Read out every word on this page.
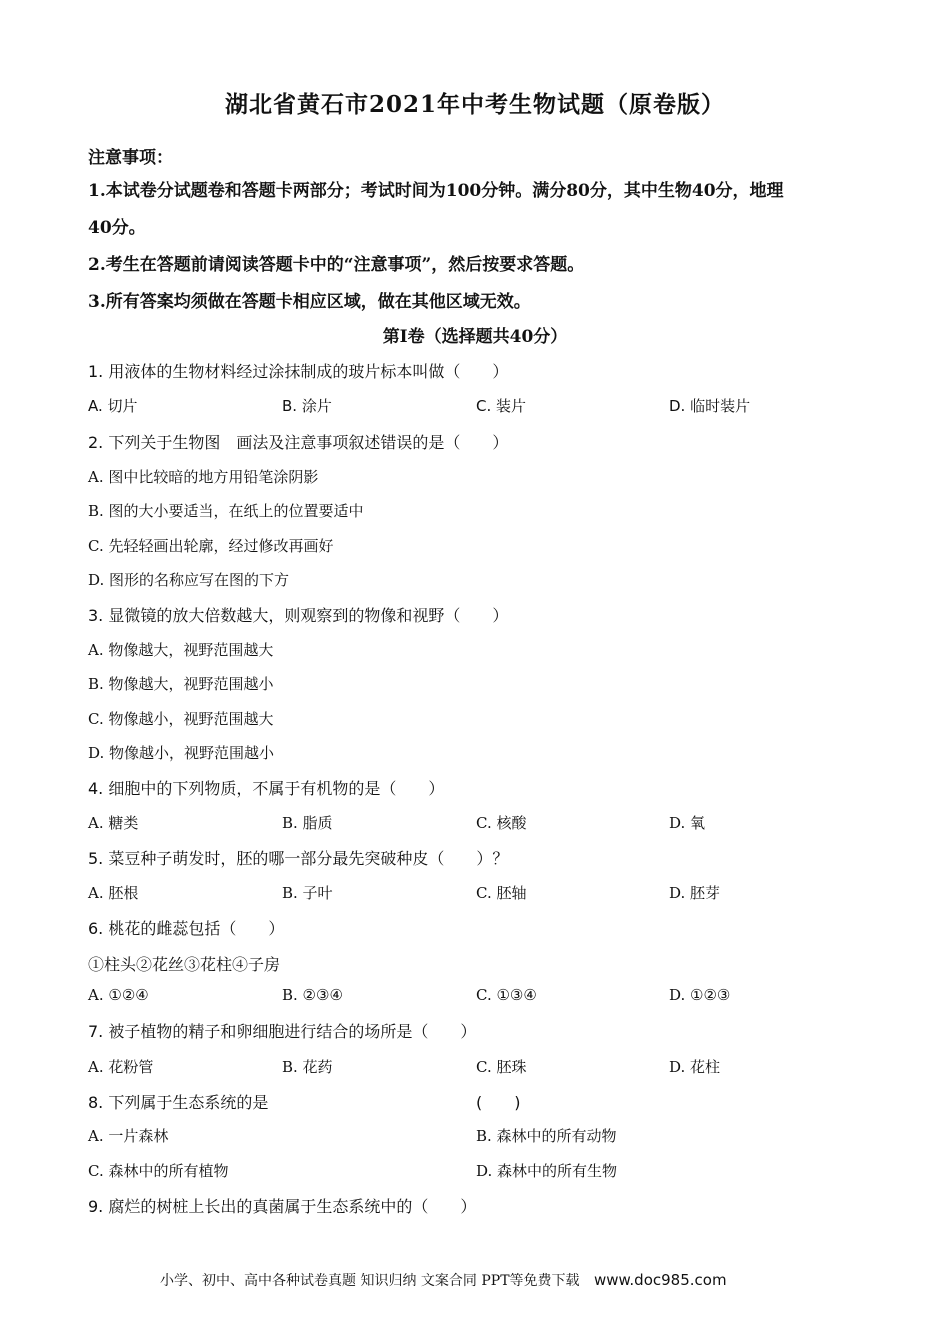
湖北省黄石市2021年中考生物试题（原卷版）
注意事项：
1.本试卷分试题卷和答题卡两部分；考试时间为100分钟。满分80分，其中生物40分，地理
40分。
2.考生在答题前请阅读答题卡中的“注意事项”，然后按要求答题。
3.所有答案均须做在答题卡相应区域，做在其他区域无效。
第Ⅰ卷（选择题共40分）
1. 用液体的生物材料经过涂抹制成的玻片标本叫做（　　）
A. 切片	B. 涂片	C. 装片	D. 临时装片
2. 下列关于生物图　画法及注意事项叙述错误的是（　　）
A. 图中比较暗的地方用铅笔涂阴影
B. 图的大小要适当，在纸上的位置要适中
C. 先轻轻画出轮廓，经过修改再画好
D. 图形的名称应写在图的下方
3. 显微镜的放大倍数越大，则观察到的物像和视野（　　）
A. 物像越大，视野范围越大
B. 物像越大，视野范围越小
C. 物像越小，视野范围越大
D. 物像越小，视野范围越小
4. 细胞中的下列物质，不属于有机物的是（　　）
A. 糖类	B. 脂质	C. 核酸	D. 氧
5. 菜豆种子萌发时，胚的哪一部分最先突破种皮（　　）？
A. 胚根	B. 子叶	C. 胚轴	D. 胚芽
6. 桃花的雌蕊包括（　　）
①柱头②花丝③花柱④子房
A. ①②④	B. ②③④	C. ①③④	D. ①②③
7. 被子植物的精子和卵细胞进行结合的场所是（　　）
A. 花粉管	B. 花药	C. 胚珠	D. 花柱
8. 下列属于生态系统的是	(　　)
A. 一片森林	B. 森林中的所有动物
C. 森林中的所有植物	D. 森林中的所有生物
9. 腐烂的树桩上长出的真菌属于生态系统中的（　　）
小学、初中、高中各种试卷真题 知识归纳 文案合同 PPT等免费下载 www.doc985.com
